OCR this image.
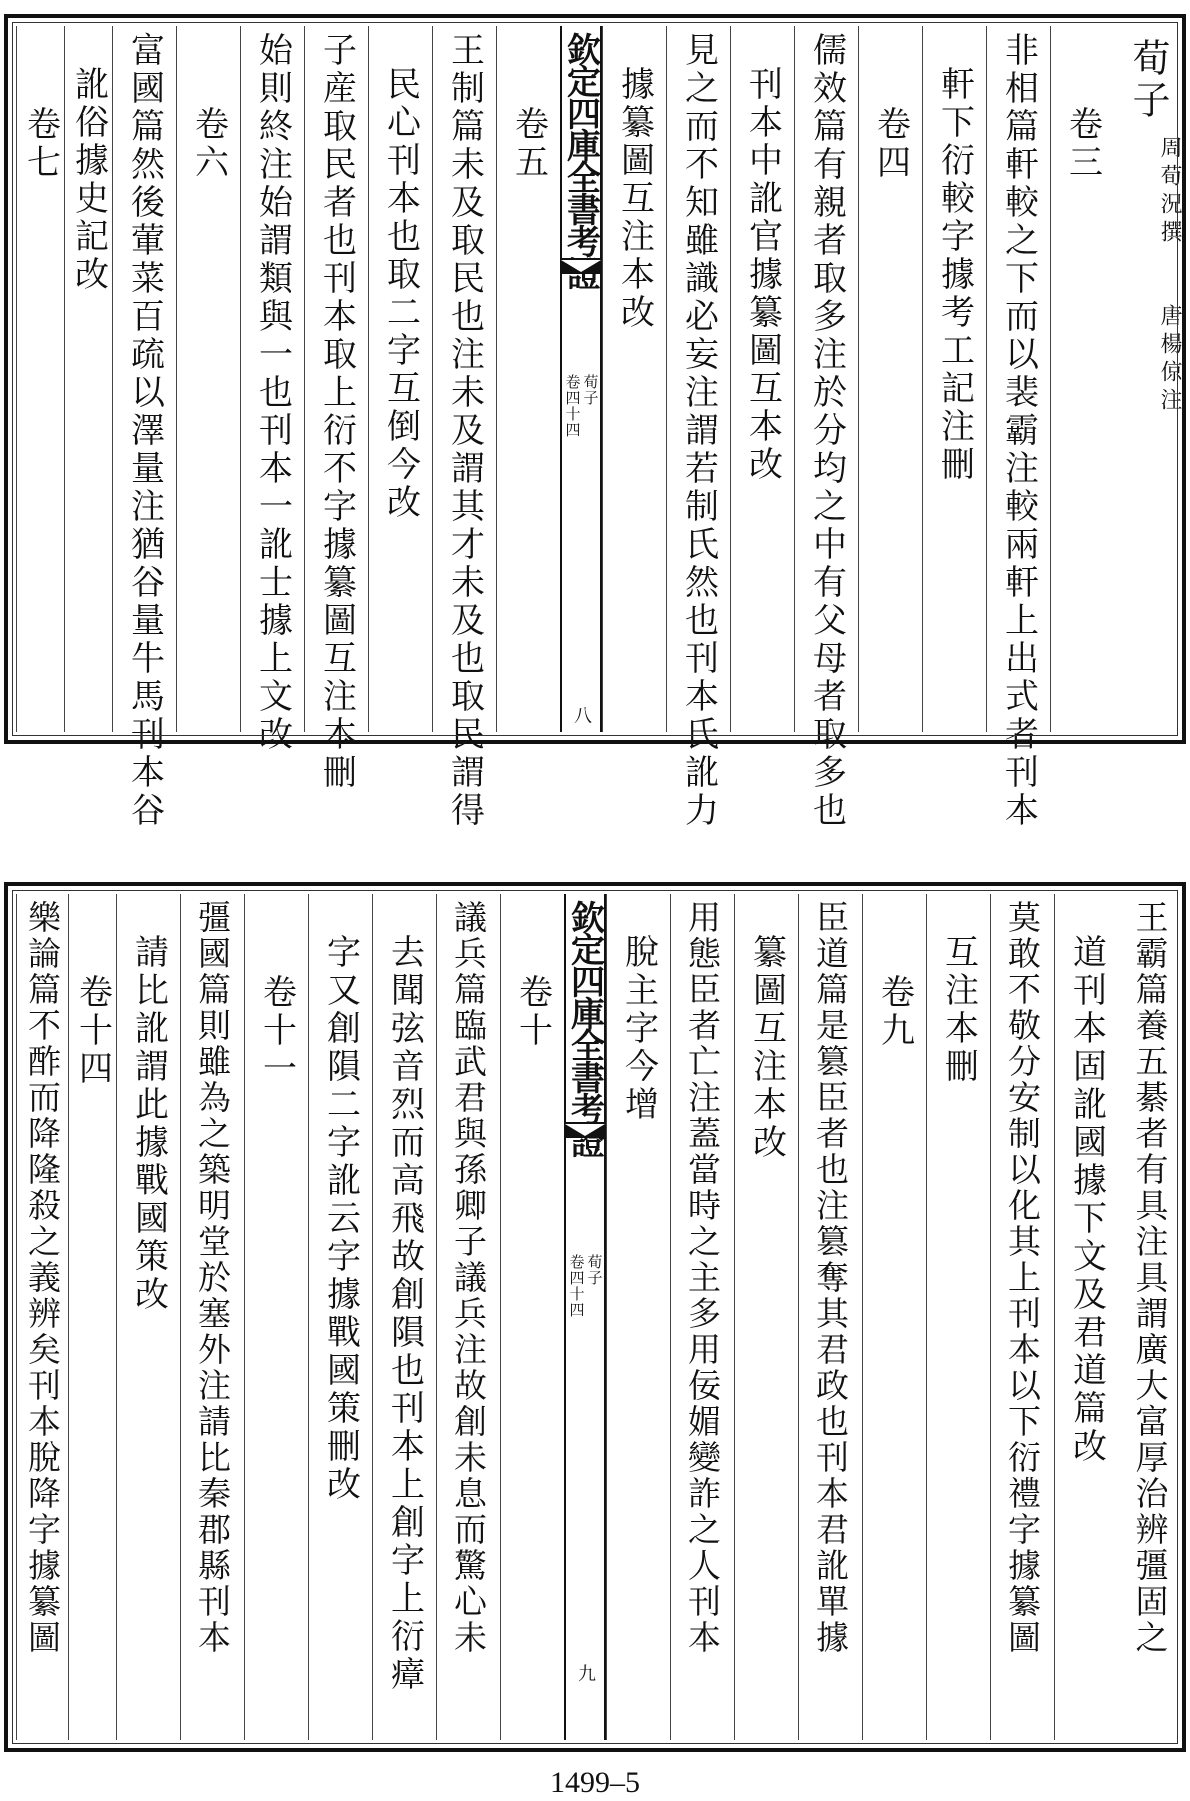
荀子
周荀況撰　　唐楊倞注
卷三
非相篇軒較之下而以裴霸注較兩軒上出式者刊本
軒下衍較字據考工記注刪
卷四
儒效篇有親者取多注於分均之中有父母者取多也
刊本中訛官據纂圖互本改
見之而不知雖識必妄注謂若制氏然也刊本氏訛力
據纂圖互注本改
欽定四庫全書考證
荀子
卷四十四
八
卷五
王制篇未及取民也注未及謂其才未及也取民謂得
民心刊本也取二字互倒今改
子産取民者也刊本取上衍不字據纂圖互注本刪
始則終注始謂類與一也刊本一訛士據上文改
卷六
富國篇然後葷菜百疏以澤量注猶谷量牛馬刊本谷
訛俗據史記改
卷七
王霸篇養五綦者有具注具謂廣大富厚治辨彊固之
道刊本固訛國據下文及君道篇改
莫敢不敬分安制以化其上刊本以下衍禮字據纂圖
互注本刪
卷九
臣道篇是篡臣者也注篡奪其君政也刊本君訛單據
纂圖互注本改
用態臣者亡注蓋當時之主多用佞媚變詐之人刊本
脫主字今增
欽定四庫全書考證
荀子
卷四十四
九
卷十
議兵篇臨武君與孫卿子議兵注故創未息而驚心未
去聞弦音烈而高飛故創隕也刊本上創字上衍瘴
字又創隕二字訛云字據戰國策刪改
卷十一
彊國篇則雖為之築明堂於塞外注請比秦郡縣刊本
請比訛謂此據戰國策改
卷十四
樂論篇不酢而降隆殺之義辨矣刊本脫降字據纂圖
1499–5
